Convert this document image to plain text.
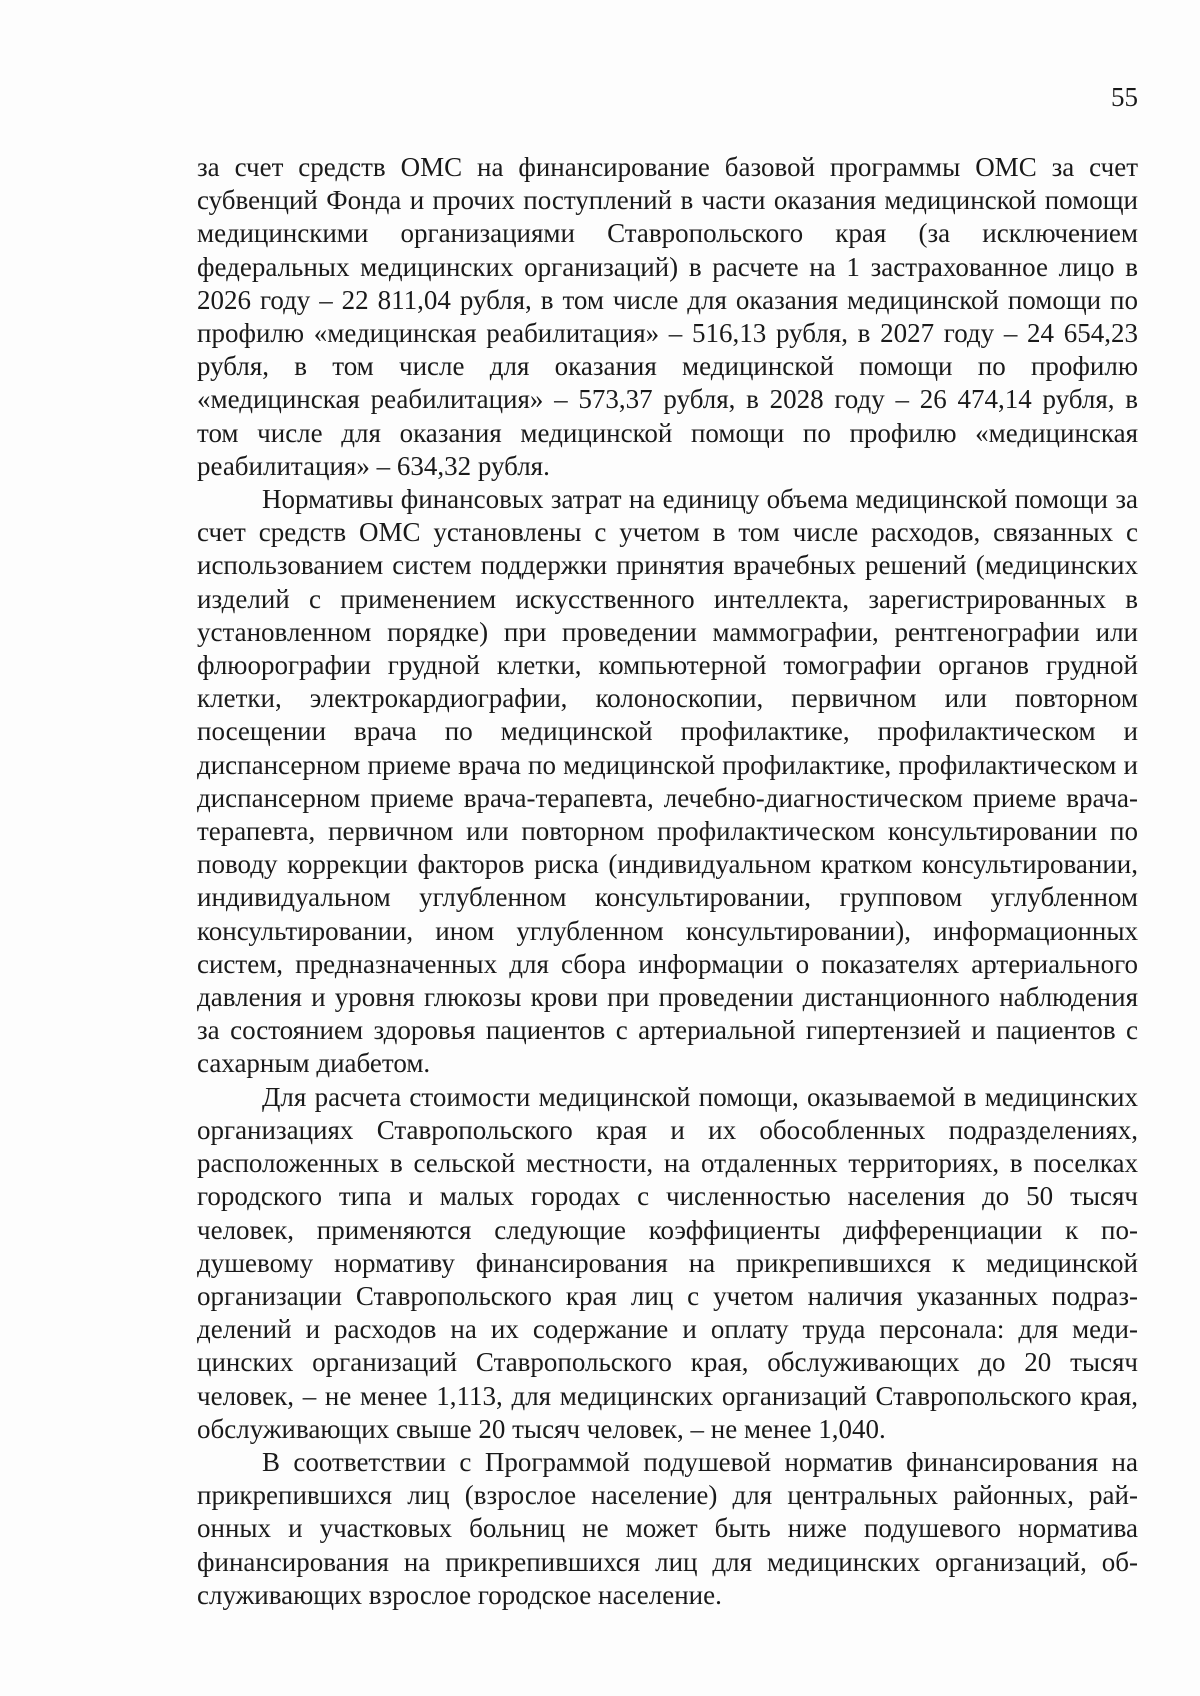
55

за счет средств ОМС на финансирование базовой программы ОМС за счет субвенций Фонда и прочих поступлений в части оказания медицинской помощи медицинскими организациями Ставропольского края (за исключением федеральных медицинских организаций) в расчете на 1 застрахованное лицо в 2026 году – 22 811,04 рубля, в том числе для оказания медицинской помощи по профилю «медицинская реабилитация» – 516,13 рубля, в 2027 году – 24 654,23 рубля, в том числе для оказания медицинской помощи по профилю «медицинская реабилитация» – 573,37 рубля, в 2028 году – 26 474,14 рубля, в том числе для оказания медицинской помощи по профилю «медицинская реабилитация» – 634,32 рубля.

Нормативы финансовых затрат на единицу объема медицинской помощи за счет средств ОМС установлены с учетом в том числе расходов, связанных с использованием систем поддержки принятия врачебных решений (медицинских изделий с применением искусственного интеллекта, зарегистрированных в установленном порядке) при проведении маммографии, рентгенографии или флюорографии грудной клетки, компьютерной томографии органов грудной клетки, электрокардиографии, колоноскопии, первичном или повторном посещении врача по медицинской профилактике, профилактическом и диспансерном приеме врача по медицинской профилактике, профилактическом и диспансерном приеме врача-терапевта, лечебно-диагностическом приеме врача-терапевта, первичном или повторном профилактическом консультировании по поводу коррекции факторов риска (индивидуальном кратком консультировании, индивидуальном углубленном консультировании, групповом углубленном консультировании, ином углубленном консультировании), информационных систем, предназначенных для сбора информации о показателях артериального давления и уровня глюкозы крови при проведении дистанционного наблюдения за состоянием здоровья пациентов с артериальной гипертензией и пациентов с сахарным диабетом.

Для расчета стоимости медицинской помощи, оказываемой в медицинских организациях Ставропольского края и их обособленных подразделениях, расположенных в сельской местности, на отдаленных территориях, в поселках городского типа и малых городах с численностью населения до 50 тысяч человек, применяются следующие коэффициенты дифференциации к подушевому нормативу финансирования на прикрепившихся к медицинской организации Ставропольского края лиц с учетом наличия указанных подразделений и расходов на их содержание и оплату труда персонала: для медицинских организаций Ставропольского края, обслуживающих до 20 тысяч человек, – не менее 1,113, для медицинских организаций Ставропольского края, обслуживающих свыше 20 тысяч человек, – не менее 1,040.

В соответствии с Программой подушевой норматив финансирования на прикрепившихся лиц (взрослое население) для центральных районных, районных и участковых больниц не может быть ниже подушевого норматива финансирования на прикрепившихся лиц для медицинских организаций, обслуживающих взрослое городское население.
